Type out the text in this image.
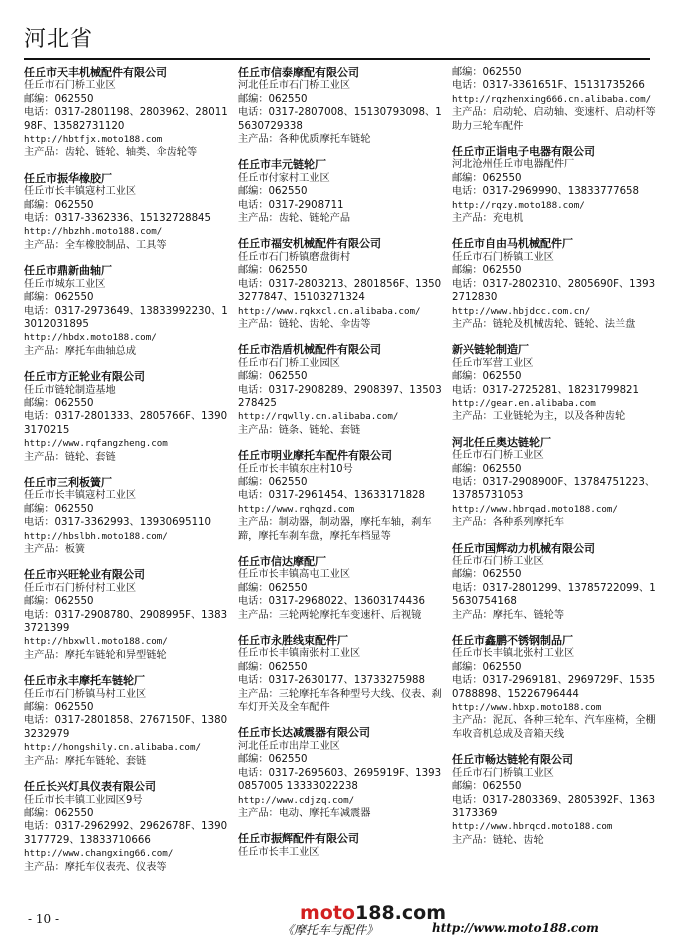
河北省
任丘市天丰机械配件有限公司
任丘市石门桥工业区
邮编：062550
电话：0317-2801198、2803962、2801198F、13582731120
http://hbtfjx.moto188.com
主产品：齿轮、链轮、轴类、伞齿轮等
任丘市振华橡胶厂
任丘市长丰镇寇村工业区
邮编：062550
电话：0317-3362336、15132728845
http://hbzhh.moto188.com/
主产品：全车橡胶制品、工具等
任丘市鼎新曲轴厂
任丘市城东工业区
邮编：062550
电话：0317-2973649、13833992230、13012031895
http://hbdx.moto188.com/
主产品：摩托车曲轴总成
任丘市方正轮业有限公司
任丘市链轮制造基地
邮编：062550
电话：0317-2801333、2805766F、13903170215
http://www.rqfangzheng.com
主产品：链轮、套链
任丘市三利板簧厂
任丘市长丰镇寇村工业区
邮编：062550
电话：0317-3362993、13930695110
http://hbslbh.moto188.com/
主产品：板簧
任丘市兴旺轮业有限公司
任丘市石门桥付村工业区
邮编：062550
电话：0317-2908780、2908995F、13833721399
http://hbxwll.moto188.com/
主产品：摩托车链轮和异型链轮
任丘市永丰摩托车链轮厂
任丘市石门桥镇马村工业区
邮编：062550
电话：0317-2801858、2767150F、13803232979
http://hongshily.cn.alibaba.com/
主产品：摩托车链轮、套链
任丘长兴灯具仪表有限公司
任丘市长丰镇工业园区9号
邮编：062550
电话：0317-2962992、2962678F、13903177729、13833710666
http://www.changxing66.com/
主产品：摩托车仪表壳、仪表等
任丘市信泰摩配有限公司
河北任丘市石门桥工业区
邮编：062550
电话：0317-2807008、15130793098、15630729338
主产品：各种优质摩托车链轮
任丘市丰元链轮厂
任丘市付家村工业区
邮编：062550
电话：0317-2908711
主产品：齿轮、链轮产品
任丘市福安机械配件有限公司
任丘市石门桥镇磨盘街村
邮编：062550
电话：0317-2803213、2801856F、13503277847、15103271324
http://www.rqkxcl.cn.alibaba.com/
主产品：链轮、齿轮、伞齿等
任丘市浩盾机械配件有限公司
任丘市石门桥工业园区
邮编：062550
电话：0317-2908289、2908397、13503278425
http://rqwlly.cn.alibaba.com/
主产品：链条、链轮、套链
任丘市明业摩托车配件有限公司
任丘市长丰镇东庄村10号
邮编：062550
电话：0317-2961454、13633171828
http://www.rqhqzd.com
主产品：制动器，制动器，摩托车轴，刹车蹄，摩托车刹车盘，摩托车档显等
任丘市信达摩配厂
任丘市长丰镇高屯工业区
邮编：062550
电话：0317-2968022、13603174436
主产品：三轮两轮摩托车变速杆、后视镜
任丘市永胜线束配件厂
任丘市长丰镇南张村工业区
邮编：062550
电话：0317-2630177、13733275988
主产品：三轮摩托车各种型号大线、仪表、刹车灯开关及全车配件
任丘市长达减震器有限公司
河北任丘市出岸工业区
邮编：062550
电话：0317-2695603、2695919F、13930857005 13333022238
http://www.cdjzq.com/
主产品：电动、摩托车减震器
任丘市振辉配件有限公司
任丘市长丰工业区
邮编：062550
电话：0317-3361651F、15131735266
http://rqzhenxing666.cn.alibaba.com/
主产品：启动轮、启动轴、变速杆、启动杆等助力三轮车配件
任丘市正诣电子电器有限公司
河北沧州任丘市电器配件厂
邮编：062550
电话：0317-2969990、13833777658
http://rqzy.moto188.com/
主产品：充电机
任丘市自由马机械配件厂
任丘市石门桥镇工业区
邮编：062550
电话：0317-2802310、2805690F、13932712830
http://www.hbjdcc.com.cn/
主产品：链轮及机械齿轮、链轮、法兰盘
新兴链轮制造厂
任丘市军营工业区
邮编：062550
电话：0317-2725281、18231799821
http://gear.en.alibaba.com
主产品：工业链轮为主，以及各种齿轮
河北任丘奥达链轮厂
任丘市石门桥工业区
邮编：062550
电话：0317-2908900F、13784751223、13785731053
http://www.hbrqad.moto188.com/
主产品：各种系列摩托车
任丘市国辉动力机械有限公司
任丘市石门桥工业区
邮编：062550
电话：0317-2801299、13785722099、15630754168
主产品：摩托车、链轮等
任丘市鑫鹏不锈钢制品厂
任丘市长丰镇北张村工业区
邮编：062550
电话：0317-2969181、2969729F、15350788898、15226796444
http://www.hbxp.moto188.com
主产品：泥瓦、各种三轮车、汽车座椅，全棚车收音机总成及音箱天线
任丘市畅达链轮有限公司
任丘市石门桥镇工业区
邮编：062550
电话：0317-2803369、2805392F、13633173369
http://www.hbrqcd.moto188.com
主产品：链轮、齿轮
- 10 -	moto188.com
《摩托车与配件》	http://www.moto188.com
